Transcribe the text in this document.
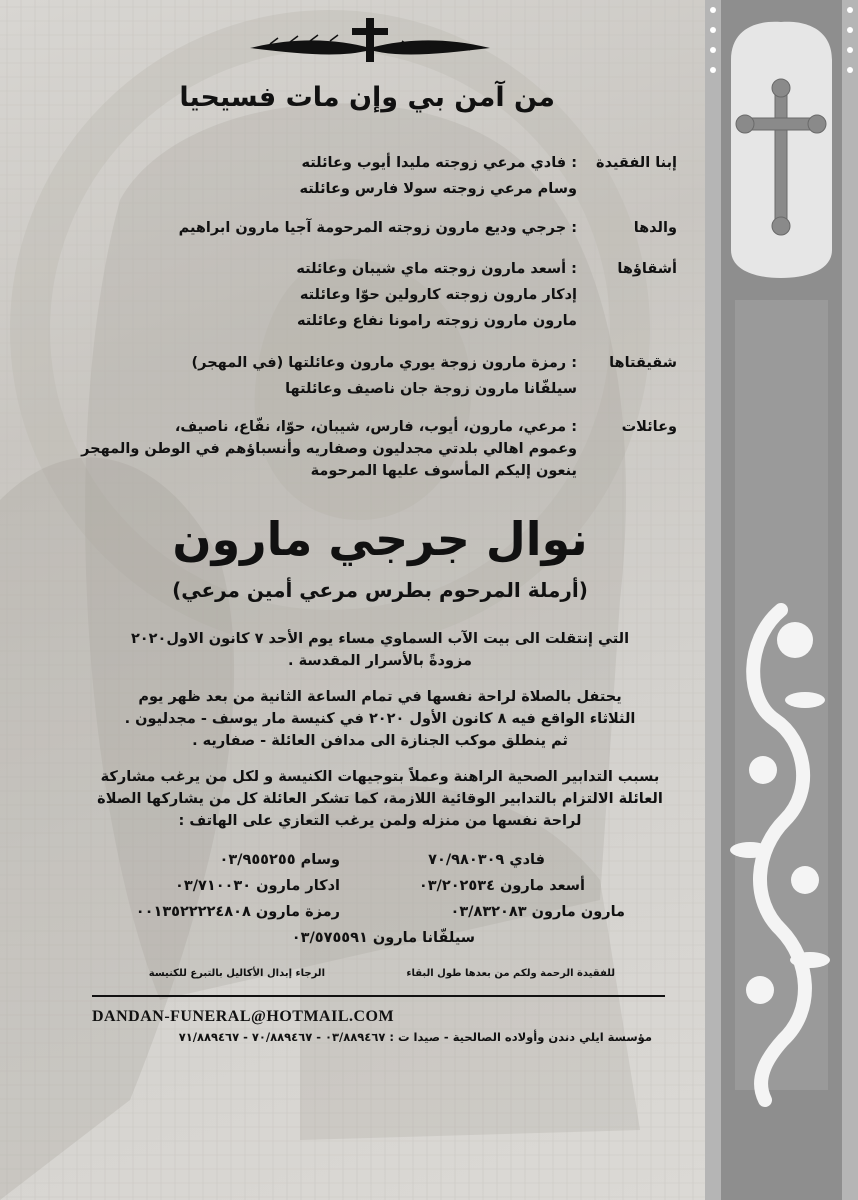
من آمن بي وإن مات فسيحيا
إبنا الفقيدة
: فادي مرعي زوجته مليدا أيوب وعائلته
وسام مرعي زوجته سولا فارس وعائلته
والدها
: جرجي وديع مارون زوجته المرحومة آجيا مارون ابراهيم
أشقاؤها
: أسعد مارون زوجته ماي شيبان وعائلته
إدكار مارون زوجته كارولين حوّا وعائلته
مارون مارون زوجته رامونا نفاع وعائلته
شقيقتاها
: رمزة مارون زوجة يوري مارون وعائلتها (في المهجر)
سيلفّانا مارون زوجة جان ناصيف وعائلتها
وعائلات
: مرعي، مارون، أيوب، فارس، شيبان، حوّا، نفّاع، ناصيف،
وعموم اهالي بلدتي مجدليون وصفاريه وأنسباؤهم في الوطن والمهجر
ينعون إليكم المأسوف عليها المرحومة
نوال جرجي مارون
(أرملة المرحوم بطرس مرعي أمين مرعي)
التي إنتقلت الى بيت الآب السماوي مساء يوم الأحد ٧ كانون الاول٢٠٢٠
مزودةً بالأسرار المقدسة .
يحتفل بالصلاة لراحة نفسها في تمام الساعة الثانية من بعد ظهر يوم
الثلاثاء الواقع فيه ٨ كانون الأول ٢٠٢٠ في كنيسة مار يوسف - مجدليون .
ثم ينطلق موكب الجنازة الى مدافن العائلة - صفاريه .
بسبب التدابير الصحية الراهنة وعملاً بتوجيهات الكنيسة و لكل من يرغب مشاركة
العائلة الالتزام بالتدابير الوقائية اللازمة، كما تشكر العائلة كل من يشاركها الصلاة
لراحة نفسها من منزله ولمن يرغب التعازي على الهاتف :
فادي ٧٠/٩٨٠٣٠٩
وسام ٠٣/٩٥٥٢٥٥
أسعد مارون ٠٣/٢٠٢٥٣٤
ادكار مارون ٠٣/٧١٠٠٣٠
مارون مارون ٠٣/٨٣٢٠٨٣
رمزة مارون ٠٠١٣٥٢٢٢٢٤٨٠٨
سيلفّانا مارون ٠٣/٥٧٥٥٩١
للفقيدة الرحمة ولكم من بعدها طول البقاء
الرجاء إبدال الأكاليل بالتبرع للكنيسة
DANDAN-FUNERAL@HOTMAIL.COM
مؤسسة ايلي دندن وأولاده الصالحية - صيدا ت : ٠٣/٨٨٩٤٦٧ - ٧٠/٨٨٩٤٦٧ - ٧١/٨٨٩٤٦٧
